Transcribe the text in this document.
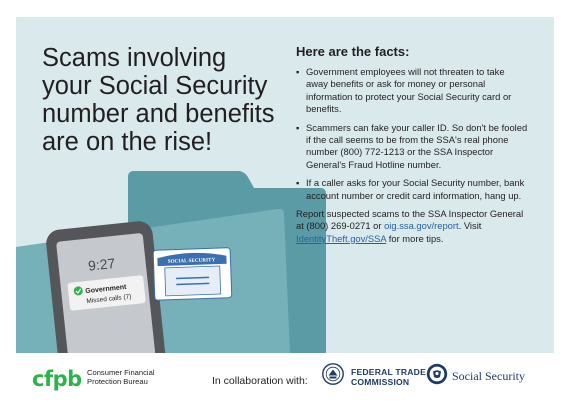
9:27
Government
Missed calls (7)
SOCIAL SECURITY
Scams involving your Social Security number and benefits are on the rise!
Here are the facts:
▪ Government employees will not threaten to take away benefits or ask for money or personal information to protect your Social Security card or benefits.
▪ Scammers can fake your caller ID. So don't be fooled if the call seems to be from the SSA's real phone number (800) 772-1213 or the SSA Inspector General's Fraud Hotline number.
▪ If a caller asks for your Social Security number, bank account number or credit card information, hang up.

Report suspected scams to the SSA Inspector General at (800) 269-0271 or oig.ssa.gov/report. Visit IdentityTheft.gov/SSA for more tips.

cfpb Consumer Financial
Protection Bureau	In collaboration with:
FEDERAL TRADE
COMMISSION	Social Security
